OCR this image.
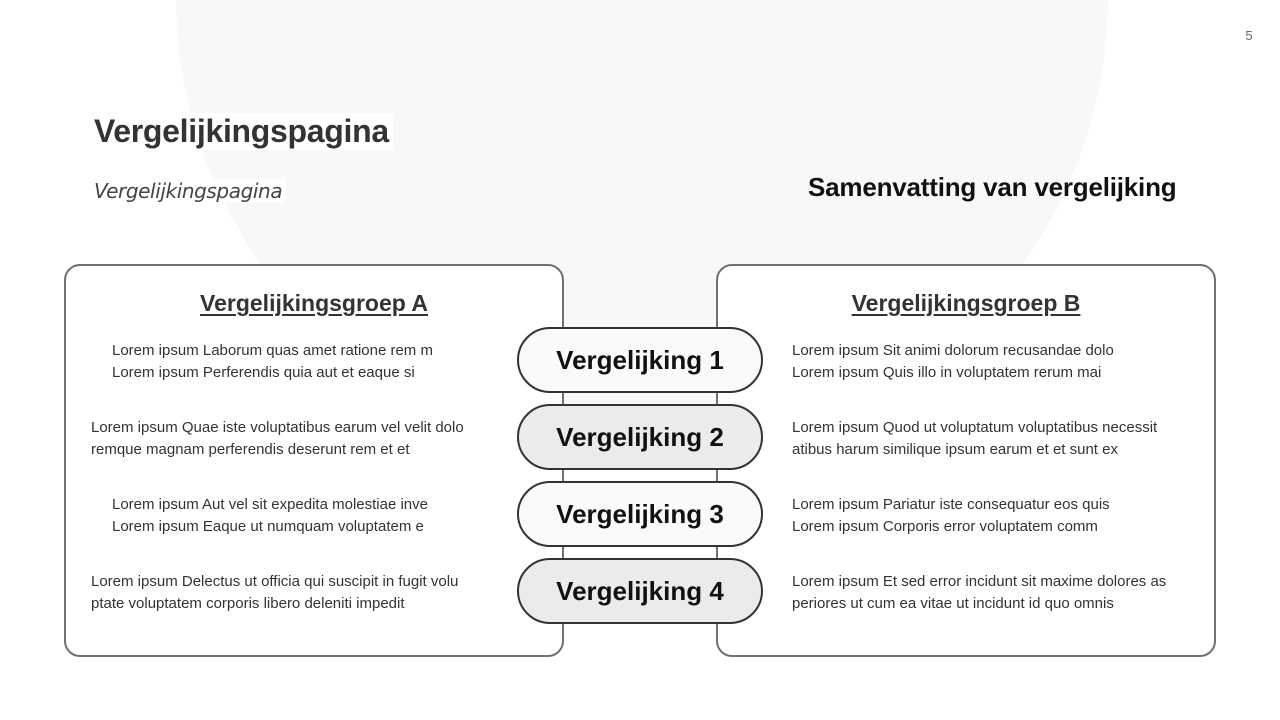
5
Vergelijkingspagina
Vergelijkingspagina	Samenvatting van vergelijking
Vergelijkingsgroep A
Lorem ipsum Laborum quas amet ratione rem m
Lorem ipsum Perferendis quia aut et eaque si
Lorem ipsum Quae iste voluptatibus earum vel velit dolo
remque magnam perferendis deserunt rem et et
Lorem ipsum Aut vel sit expedita molestiae inve
Lorem ipsum Eaque ut numquam voluptatem e
Lorem ipsum Delectus ut officia qui suscipit in fugit volu
ptate voluptatem corporis libero deleniti impedit
Vergelijkingsgroep B
Lorem ipsum Sit animi dolorum recusandae dolo
Lorem ipsum Quis illo in voluptatem rerum mai
Lorem ipsum Quod ut voluptatum voluptatibus necessit
atibus harum similique ipsum earum et et sunt ex
Lorem ipsum Pariatur iste consequatur eos quis
Lorem ipsum Corporis error voluptatem comm
Lorem ipsum Et sed error incidunt sit maxime dolores as
periores ut cum ea vitae ut incidunt id quo omnis
Vergelijking 1
Vergelijking 2
Vergelijking 3
Vergelijking 4
